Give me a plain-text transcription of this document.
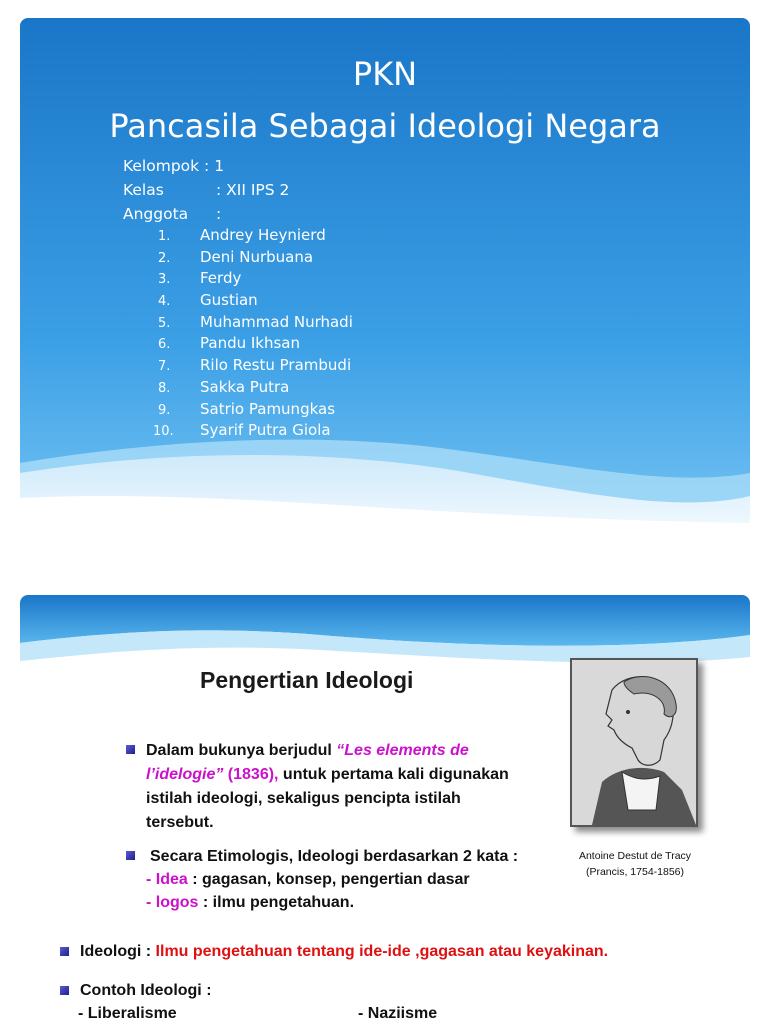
PKN
Pancasila Sebagai Ideologi Negara
Kelompok : 1
Kelas	: XII IPS 2
Anggota :
1. Andrey Heynierd
2. Deni Nurbuana
3. Ferdy
4. Gustian
5. Muhammad Nurhadi
6. Pandu Ikhsan
7. Rilo Restu Prambudi
8. Sakka Putra
9. Satrio Pamungkas
10. Syarif Putra Giola
Pengertian Ideologi
Antoine Destut de Tracy
(Prancis, 1754-1856)
Dalam bukunya berjudul “Les elements de l’idelogie” (1836), untuk pertama kali digunakan
istilah ideologi, sekaligus pencipta istilah
tersebut.
Secara Etimologis, Ideologi berdasarkan 2 kata :
- Idea : gagasan, konsep, pengertian dasar
- logos : ilmu pengetahuan.
Ideologi : Ilmu pengetahuan tentang ide-ide ,gagasan atau keyakinan.
Contoh Ideologi :
- Liberalisme	- Naziisme
